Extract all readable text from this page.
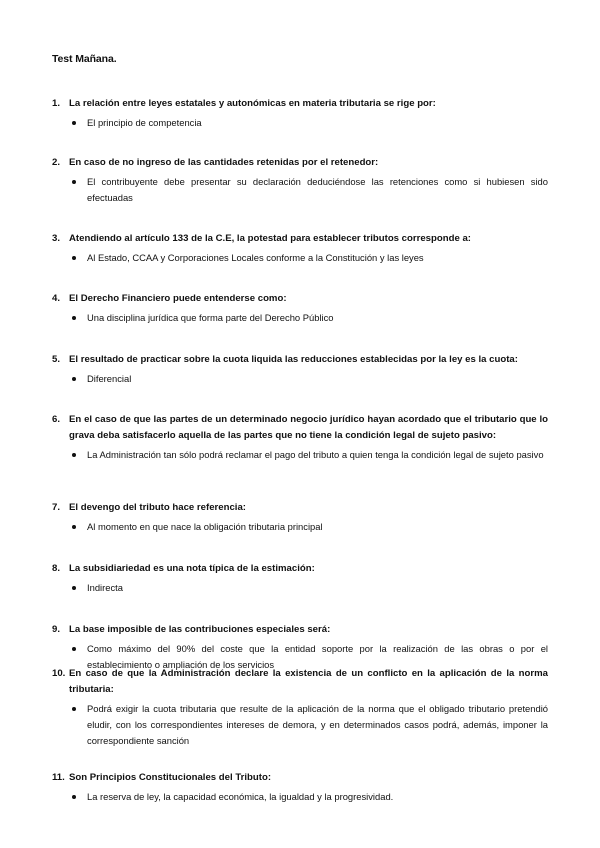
Test Mañana.
1. La relación entre leyes estatales y autonómicas en materia tributaria se rige por:
El principio de competencia
2. En caso de no ingreso de las cantidades retenidas por el retenedor:
El contribuyente debe presentar su declaración deduciéndose las retenciones como si hubiesen sido efectuadas
3. Atendiendo al artículo 133 de la C.E, la potestad para establecer tributos corresponde a:
Al Estado, CCAA y Corporaciones Locales conforme a la Constitución y las leyes
4. El Derecho Financiero puede entenderse como:
Una disciplina jurídica que forma parte del Derecho Público
5. El resultado de practicar sobre la cuota liquida las reducciones establecidas por la ley es la cuota:
Diferencial
6. En el caso de que las partes de un determinado negocio jurídico hayan acordado que el tributario que lo grava deba satisfacerlo aquella de las partes que no tiene la condición legal de sujeto pasivo:
La Administración tan sólo podrá reclamar el pago del tributo a quien tenga la condición legal de sujeto pasivo
7. El devengo del tributo hace referencia:
Al momento en que nace la obligación tributaria principal
8. La subsidiariedad es una nota típica de la estimación:
Indirecta
9. La base imposible de las contribuciones especiales será:
Como máximo del 90% del coste que la entidad soporte por la realización de las obras o por el establecimiento o ampliación de los servicios
10. En caso de que la Administración declare la existencia de un conflicto en la aplicación de la norma tributaria:
Podrá exigir la cuota tributaria que resulte de la aplicación de la norma que el obligado tributario pretendió eludir, con los correspondientes intereses de demora, y en determinados casos podrá, además, imponer la correspondiente sanción
11. Son Principios Constitucionales del Tributo:
La reserva de ley, la capacidad económica, la igualdad y la progresividad.
